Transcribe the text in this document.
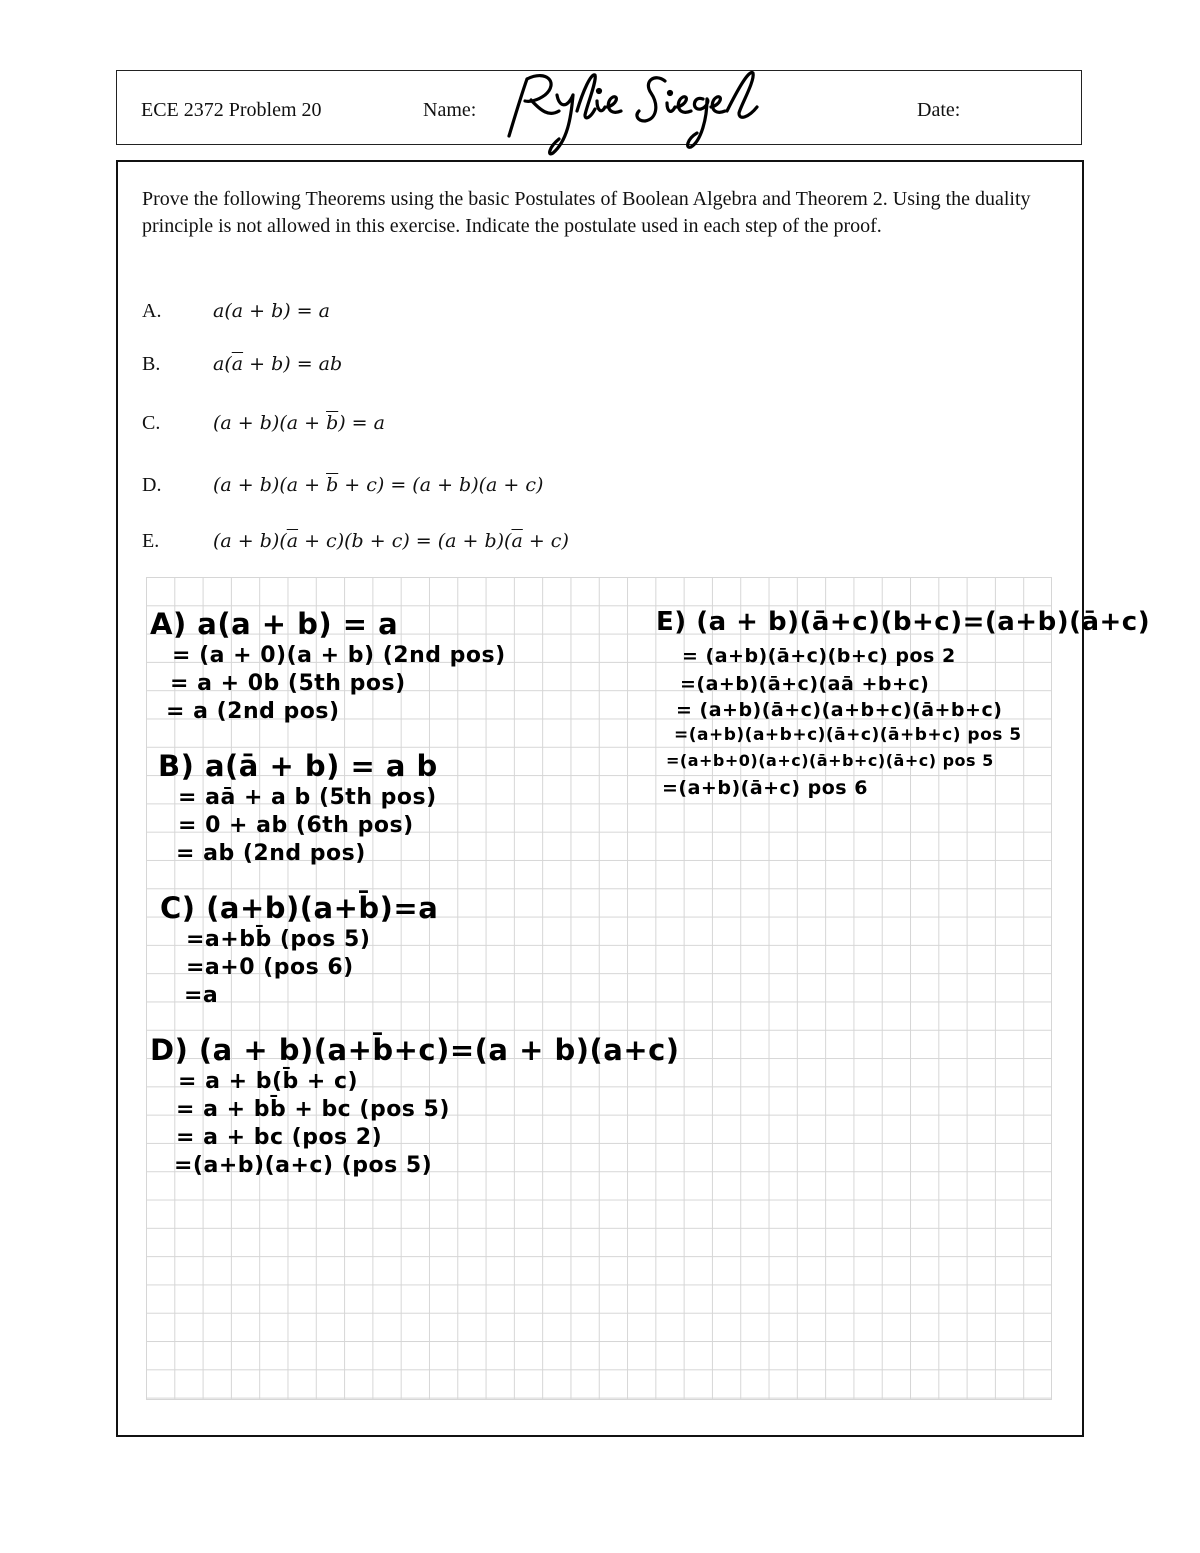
ECE 2372 Problem 20	Name:	Date:

Prove the following Theorems using the basic Postulates of Boolean Algebra and Theorem 2. Using the duality principle is not allowed in this exercise. Indicate the postulate used in each step of the proof.

A.	a(a + b) = a
B.	$a(\overline{a} + b)$ = ab
C.	$(a + b)(a + \overline{b}) = a$
D.	$(a + b)(a + \overline{b} + c) = (a + b)(a + c)$
E.	$(a + b)(\overline{a} + c)(b + c) = (a + b)(\overline{a} + c)$
A) a(a + b) = a
= (a + 0)(a + b) (2nd pos)
= a + 0b (5th pos)
= a (2nd pos)
B) a(ā + b) = a b
= aā + a b (5th pos)
= 0 + ab (6th pos)
= ab (2nd pos)
C) (a+b)(a+b̄)=a
=a+bb̄ (pos 5)
=a+0 (pos 6)
=a
D) (a + b)(a+b̄+c)=(a + b)(a+c)
= a + b(b̄ + c)
= a + bb̄ + bc (pos 5)
= a + bc (pos 2)
=(a+b)(a+c) (pos 5)
E) (a + b)(ā+c)(b+c)=(a+b)(ā+c)
= (a+b)(ā+c)(b+c) pos 2
=(a+b)(ā+c)(aā +b+c)
= (a+b)(ā+c)(a+b+c)(ā+b+c)
=(a+b)(a+b+c)(ā+c)(ā+b+c) pos 5
=(a+b+0)(a+c)(ā+b+c)(ā+c) pos 5
=(a+b)(ā+c) pos 6
